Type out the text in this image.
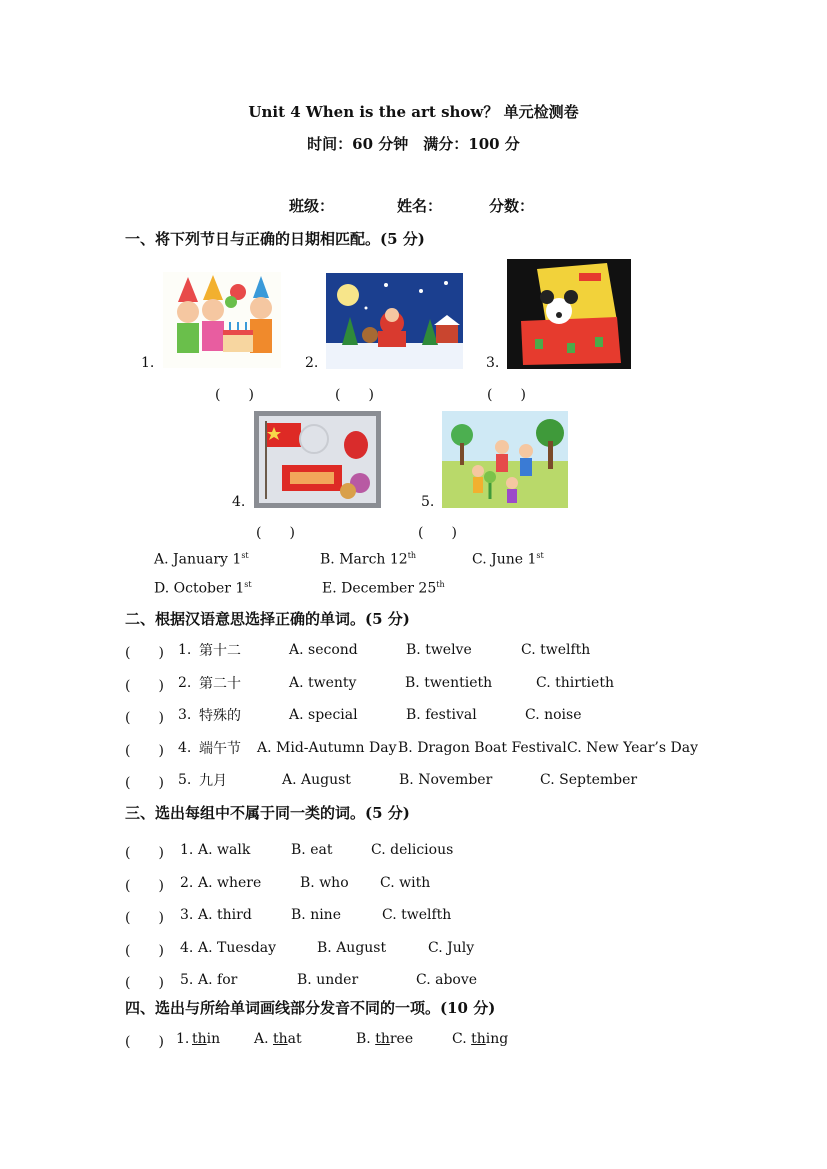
Unit 4 When is the art show？ 单元检测卷
时间：60 分钟　满分：100 分
班级：	姓名：	分数：
一、将下列节日与正确的日期相匹配。(5 分)
1.
(　　)
2.
(　　)
3.
(　　)
4.
(　　)
5.
(　　)
A. January 1st	B. March 12th	C. June 1st
D. October 1st	E. December 25th
二、根据汉语意思选择正确的单词。(5 分)
(　　) 1. 第十二	A. second	B. twelve	C. twelfth
(　　) 2. 第二十	A. twenty	B. twentieth	C. thirtieth
(　　) 3. 特殊的	A. special	B. festival	C. noise
(　　) 4. 端午节 A. Mid-Autumn Day B. Dragon Boat Festival C. New Year’s Day
(　　) 5. 九月	A. August	B. November	C. September
三、选出每组中不属于同一类的词。(5 分)
(　　) 1. A. walk	B. eat	C. delicious
(　　) 2. A. where	B. who C. with
(　　) 3. A. third	B. nine	C. twelfth
(　　) 4. A. Tuesday	B. August	C. July
(　　) 5. A. for	B. under	C. above
四、选出与所给单词画线部分发音不同的一项。(10 分)
(　　) 1. thin A. that	B. three	C. thing
